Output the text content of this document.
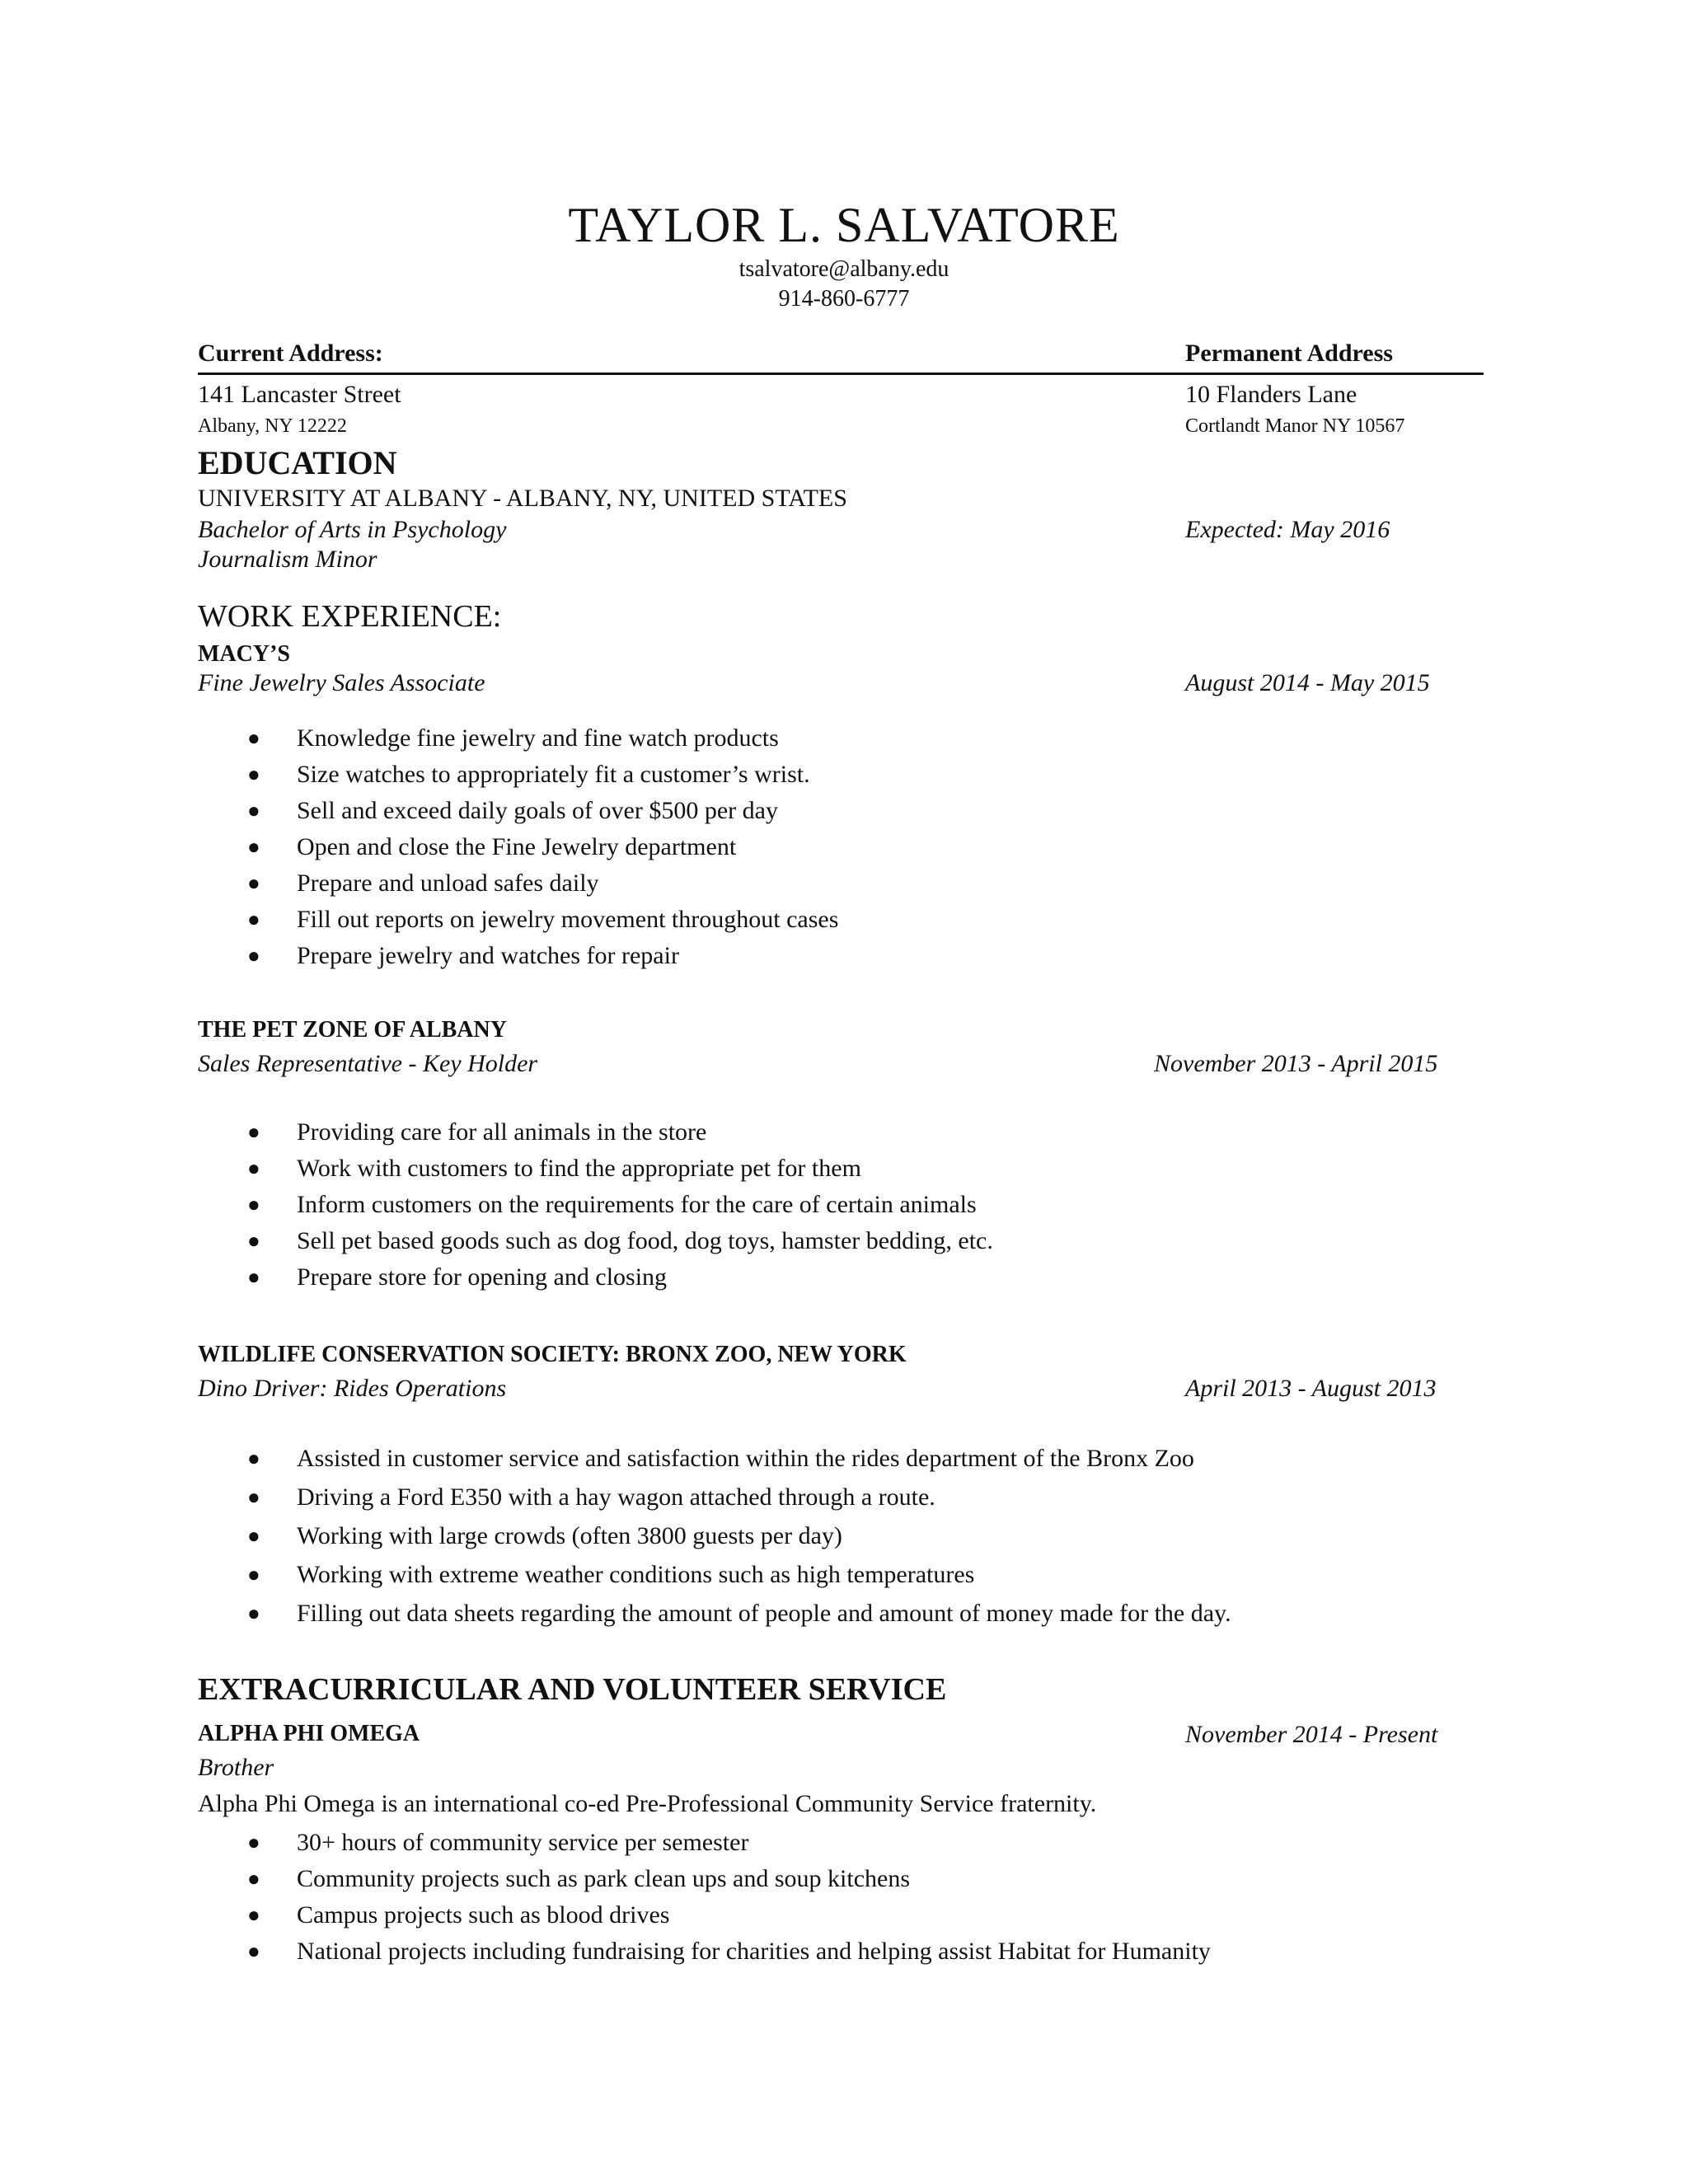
TAYLOR L. SALVATORE
tsalvatore@albany.edu
914-860-6777
Current Address:	Permanent Address
141 Lancaster Street	10 Flanders Lane
Albany, NY 12222	Cortlandt Manor NY 10567
EDUCATION
UNIVERSITY AT ALBANY - ALBANY, NY, UNITED STATES
Bachelor of Arts in Psychology	Expected: May 2016
Journalism Minor
WORK EXPERIENCE:
MACY’S
Fine Jewelry Sales Associate	August 2014 - May 2015
● Knowledge fine jewelry and fine watch products
● Size watches to appropriately fit a customer’s wrist.
● Sell and exceed daily goals of over $500 per day
● Open and close the Fine Jewelry department
● Prepare and unload safes daily
● Fill out reports on jewelry movement throughout cases
● Prepare jewelry and watches for repair
THE PET ZONE OF ALBANY
Sales Representative - Key Holder	November 2013 - April 2015
● Providing care for all animals in the store
● Work with customers to find the appropriate pet for them
● Inform customers on the requirements for the care of certain animals
● Sell pet based goods such as dog food, dog toys, hamster bedding, etc.
● Prepare store for opening and closing
WILDLIFE CONSERVATION SOCIETY: BRONX ZOO, NEW YORK
Dino Driver: Rides Operations	April 2013 - August 2013
● Assisted in customer service and satisfaction within the rides department of the Bronx Zoo
● Driving a Ford E350 with a hay wagon attached through a route.
● Working with large crowds (often 3800 guests per day)
● Working with extreme weather conditions such as high temperatures
● Filling out data sheets regarding the amount of people and amount of money made for the day.
EXTRACURRICULAR AND VOLUNTEER SERVICE
ALPHA PHI OMEGA	November 2014 - Present
Brother
Alpha Phi Omega is an international co-ed Pre-Professional Community Service fraternity.
● 30+ hours of community service per semester
● Community projects such as park clean ups and soup kitchens
● Campus projects such as blood drives
● National projects including fundraising for charities and helping assist Habitat for Humanity
